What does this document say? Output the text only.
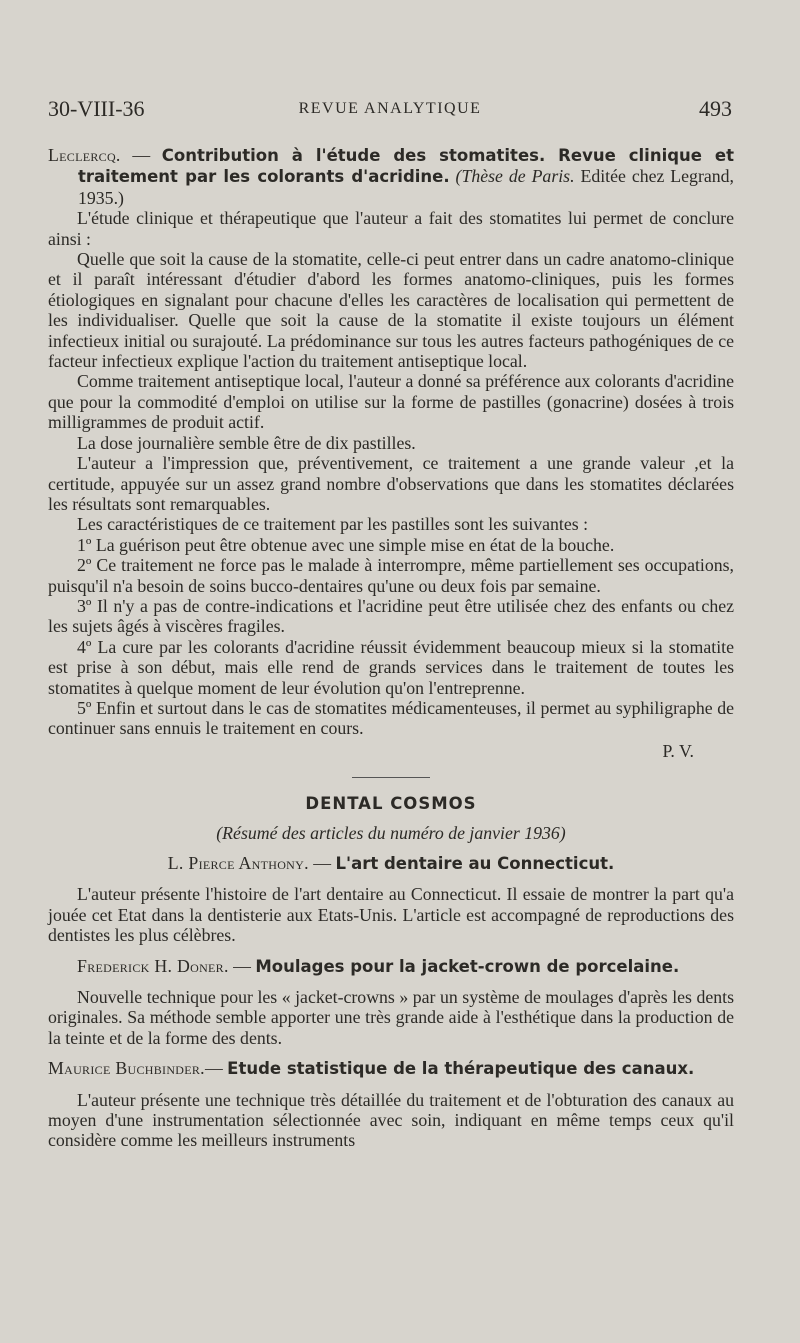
30-VIII-36	REVUE ANALYTIQUE	493

Leclercq. — Contribution à l'étude des stomatites. Revue clinique et traitement par les colorants d'acridine. (Thèse de Paris. Editée chez Legrand, 1935.)

L'étude clinique et thérapeutique que l'auteur a fait des stomatites lui permet de conclure ainsi :

Quelle que soit la cause de la stomatite, celle-ci peut entrer dans un cadre anatomo-clinique et il paraît intéressant d'étudier d'abord les formes anatomo-cliniques, puis les formes étiologiques en signalant pour chacune d'elles les caractères de localisation qui permettent de les individualiser. Quelle que soit la cause de la stomatite il existe toujours un élément infectieux initial ou surajouté. La prédominance sur tous les autres facteurs pathogéniques de ce facteur infectieux explique l'action du traitement antiseptique local.

Comme traitement antiseptique local, l'auteur a donné sa préférence aux colorants d'acridine que pour la commodité d'emploi on utilise sur la forme de pastilles (gonacrine) dosées à trois milligrammes de produit actif.

La dose journalière semble être de dix pastilles.

L'auteur a l'impression que, préventivement, ce traitement a une grande valeur ,et la certitude, appuyée sur un assez grand nombre d'observations que dans les stomatites déclarées les résultats sont remarquables.

Les caractéristiques de ce traitement par les pastilles sont les suivantes :

1º La guérison peut être obtenue avec une simple mise en état de la bouche.

2º Ce traitement ne force pas le malade à interrompre, même partiellement ses occupations, puisqu'il n'a besoin de soins bucco-dentaires qu'une ou deux fois par semaine.

3º Il n'y a pas de contre-indications et l'acridine peut être utilisée chez des enfants ou chez les sujets âgés à viscères fragiles.

4º La cure par les colorants d'acridine réussit évidemment beaucoup mieux si la stomatite est prise à son début, mais elle rend de grands services dans le traitement de toutes les stomatites à quelque moment de leur évolution qu'on l'entreprenne.

5º Enfin et surtout dans le cas de stomatites médicamenteuses, il permet au syphiligraphe de continuer sans ennuis le traitement en cours.

P. V.

DENTAL COSMOS

(Résumé des articles du numéro de janvier 1936)

L. Pierce Anthony. — L'art dentaire au Connecticut.

L'auteur présente l'histoire de l'art dentaire au Connecticut. Il essaie de montrer la part qu'a jouée cet Etat dans la dentisterie aux Etats-Unis. L'article est accompagné de reproductions des dentistes les plus célèbres.

Frederick H. Doner. — Moulages pour la jacket-crown de porcelaine.

Nouvelle technique pour les « jacket-crowns » par un système de moulages d'après les dents originales. Sa méthode semble apporter une très grande aide à l'esthétique dans la production de la teinte et de la forme des dents.

Maurice Buchbinder.— Etude statistique de la thérapeutique des canaux.

L'auteur présente une technique très détaillée du traitement et de l'obturation des canaux au moyen d'une instrumentation sélectionnée avec soin, indiquant en même temps ceux qu'il considère comme les meilleurs instruments
